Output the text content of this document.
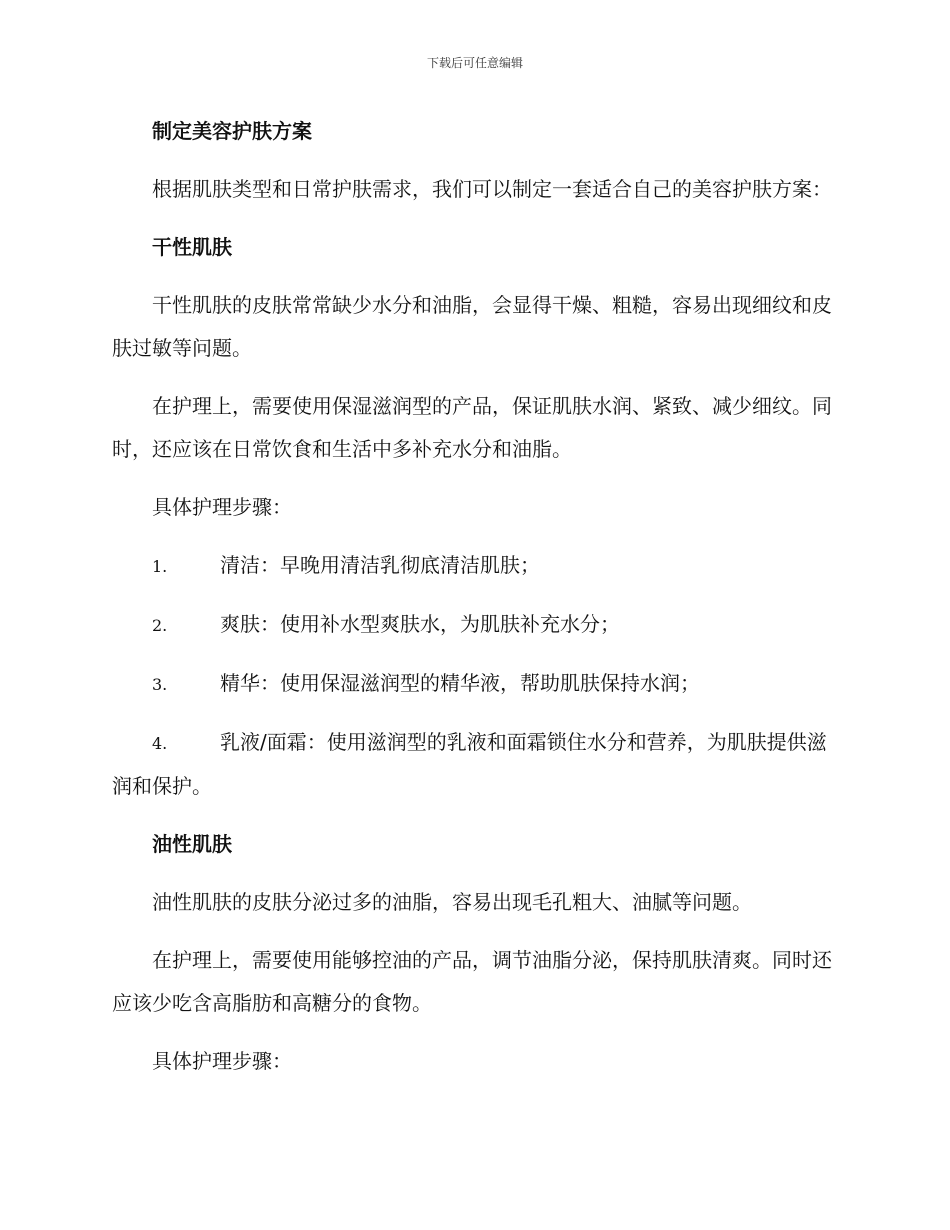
下载后可任意编辑

制定美容护肤方案

根据肌肤类型和日常护肤需求，我们可以制定一套适合自己的美容护肤方案：

干性肌肤

干性肌肤的皮肤常常缺少水分和油脂，会显得干燥、粗糙，容易出现细纹和皮肤过敏等问题。

在护理上，需要使用保湿滋润型的产品，保证肌肤水润、紧致、减少细纹。同时，还应该在日常饮食和生活中多补充水分和油脂。

具体护理步骤：

1.	清洁：早晚用清洁乳彻底清洁肌肤；

2.	爽肤：使用补水型爽肤水，为肌肤补充水分；

3.	精华：使用保湿滋润型的精华液，帮助肌肤保持水润；

4.	乳液/面霜：使用滋润型的乳液和面霜锁住水分和营养，为肌肤提供滋润和保护。

油性肌肤

油性肌肤的皮肤分泌过多的油脂，容易出现毛孔粗大、油腻等问题。

在护理上，需要使用能够控油的产品，调节油脂分泌，保持肌肤清爽。同时还应该少吃含高脂肪和高糖分的食物。

具体护理步骤：
